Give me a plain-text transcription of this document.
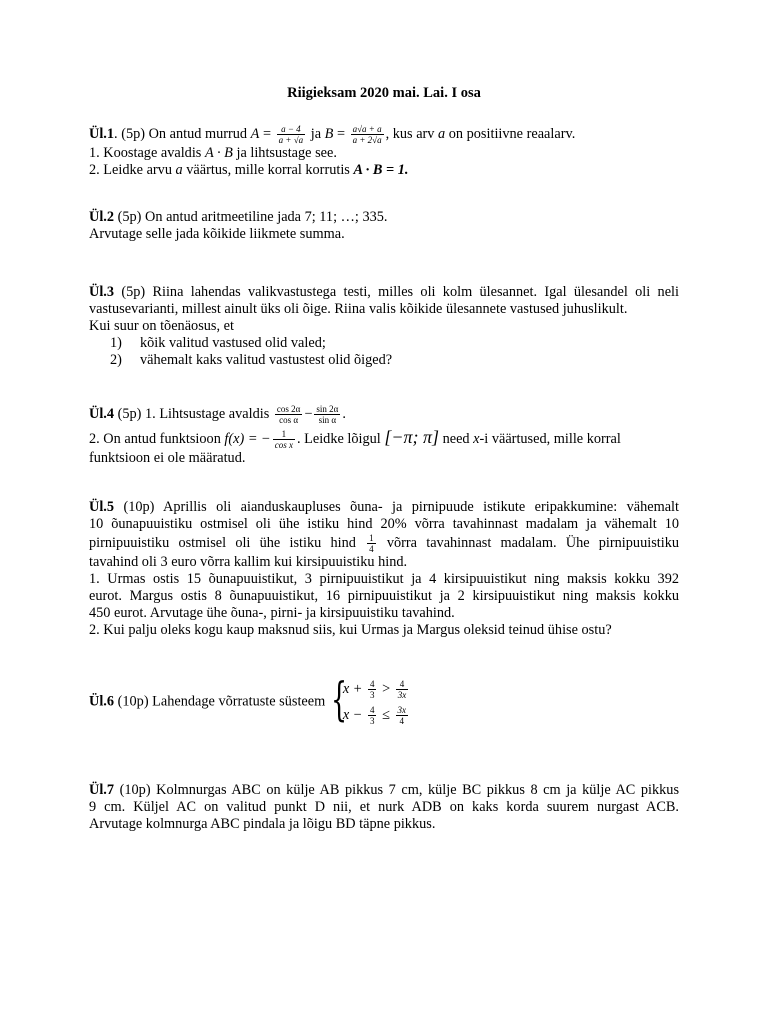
Riigieksam 2020 mai. Lai. I osa
Ül.1. (5p) On antud murrud $A = \frac{a - 4}{a + √a}$ ja $B = \frac{a√a + a}{a + 2√a}$ , kus arv a on positiivne reaalarv.
1. Koostage avaldis A · B ja lihtsustage see.
2. Leidke arvu a väärtus, mille korral korrutis A · B = 1.
Ül.2 (5p) On antud aritmeetiline jada 7; 11; …; 335.
Arvutage selle jada kõikide liikmete summa.
Ül.3 (5p) Riina lahendas valikvastustega testi, milles oli kolm ülesannet. Igal ülesandel oli neli
vastusevarianti, millest ainult üks oli õige. Riina valis kõikide ülesannete vastused juhuslikult.
Kui suur on tõenäosus, et
1) kõik valitud vastused olid valed;
2) vähemalt kaks valitud vastustest olid õiged?
Ül.4 (5p) 1. Lihtsustage avaldis $\frac{\cos 2\alpha}{\text{cos α}} - \frac{\sin 2\alpha}{\text{sin α}}$ .
2. On antud funktsioon f(x) = − $\frac{1}{\text{cos x}}$ . Leidke lõigul [−π; π] need x-i väärtused, mille korral
funktsioon ei ole määratud.
Ül.5 (10p) Aprillis oli aianduskaupluses õuna- ja pirnipuude istikute eripakkumine: vähemalt
10 õunapuuistiku ostmisel oli ühe istiku hind 20% võrra tavahinnast madalam ja vähemalt 10
pirnipuuistiku ostmisel oli ühe istiku hind $\frac{1}{4}$ võrra tavahinnast madalam. Ühe pirnipuuistiku
tavahind oli 3 euro võrra kallim kui kirsipuuistiku hind.
1. Urmas ostis 15 õunapuuistikut, 3 pirnipuuistikut ja 4 kirsipuuistikut ning maksis kokku 392
eurot. Margus ostis 8 õunapuuistikut, 16 pirnipuuistikut ja 2 kirsipuuistikut ning maksis kokku
450 eurot. Arvutage ühe õuna-, pirni- ja kirsipuuistiku tavahind.
2. Kui palju oleks kogu kaup maksnud siis, kui Urmas ja Margus oleksid teinud ühise ostu?
Ül.6 (10p) Lahendage võrratuste süsteem {
$x + \frac{4}{3} > \frac{4}{3x}$
$x - \frac{4}{3} \le \frac{3x}{4}$
Ül.7 (10p) Kolmnurgas ABC on külje AB pikkus 7 cm, külje BC pikkus 8 cm ja külje AC pikkus
9 cm. Küljel AC on valitud punkt D nii, et nurk ADB on kaks korda suurem nurgast ACB.
Arvutage kolmnurga ABC pindala ja lõigu BD täpne pikkus.
